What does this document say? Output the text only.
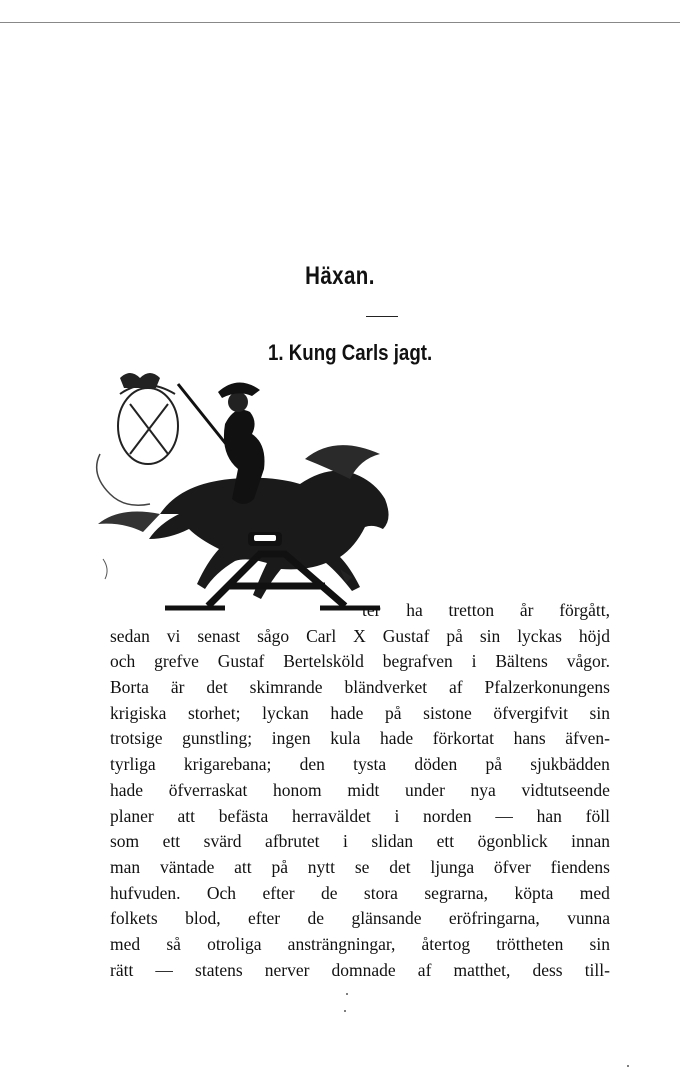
Häxan.
1. Kung Carls jagt.
ter ha tretton år förgått,
sedan vi senast sågo Carl X Gustaf på sin lyckas höjd
och grefve Gustaf Bertelsköld begrafven i Bältens vågor.
Borta är det skimrande bländverket af Pfalzerkonungens
krigiska storhet; lyckan hade på sistone öfvergifvit sin
trotsige gunstling; ingen kula hade förkortat hans äfven-
tyrliga krigarebana; den tysta döden på sjukbädden
hade öfverraskat honom midt under nya vidtutseende
planer att befästa herraväldet i norden — han föll
som ett svärd afbrutet i slidan ett ögonblick innan
man väntade att på nytt se det ljunga öfver fiendens
hufvuden. Och efter de stora segrarna, köpta med
folkets blod, efter de glänsande eröfringarna, vunna
med så otroliga ansträngningar, återtog tröttheten sin
rätt — statens nerver domnade af matthet, dess till-
